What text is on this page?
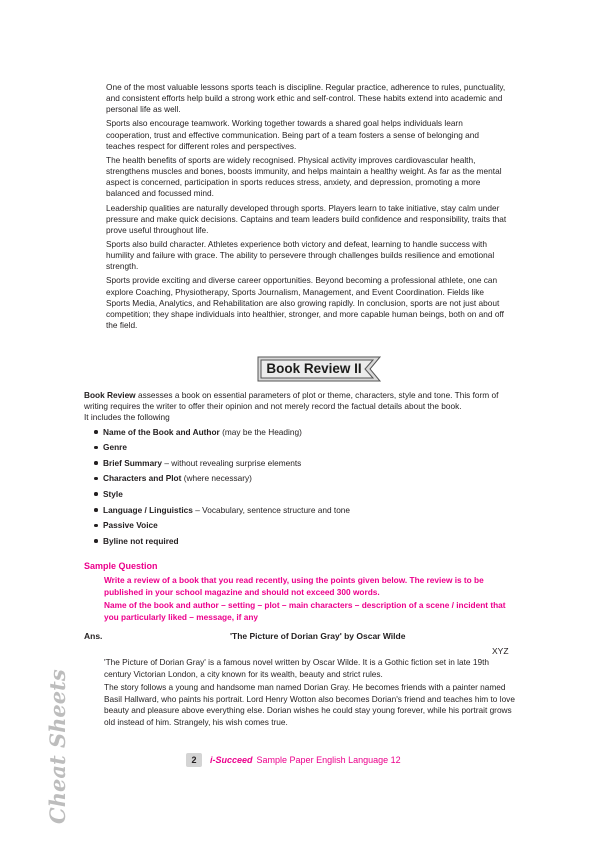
One of the most valuable lessons sports teach is discipline. Regular practice, adherence to rules, punctuality, and consistent efforts help build a strong work ethic and self-control. These habits extend into academic and personal life as well.

Sports also encourage teamwork. Working together towards a shared goal helps individuals learn cooperation, trust and effective communication. Being part of a team fosters a sense of belonging and teaches respect for different roles and perspectives.

The health benefits of sports are widely recognised. Physical activity improves cardiovascular health, strengthens muscles and bones, boosts immunity, and helps maintain a healthy weight. As far as the mental aspect is concerned, participation in sports reduces stress, anxiety, and depression, promoting a more balanced and focussed mind.

Leadership qualities are naturally developed through sports. Players learn to take initiative, stay calm under pressure and make quick decisions. Captains and team leaders build confidence and responsibility, traits that prove useful throughout life.

Sports also build character. Athletes experience both victory and defeat, learning to handle success with humility and failure with grace. The ability to persevere through challenges builds resilience and emotional strength.

Sports provide exciting and diverse career opportunities. Beyond becoming a professional athlete, one can explore Coaching, Physiotherapy, Sports Journalism, Management, and Event Coordination. Fields like Sports Media, Analytics, and Rehabilitation are also growing rapidly. In conclusion, sports are not just about competition; they shape individuals into healthier, stronger, and more capable human beings, both on and off the field.

Book Review II

Book Review assesses a book on essential parameters of plot or theme, characters, style and tone. This form of writing requires the writer to offer their opinion and not merely record the factual details about the book.

It includes the following

Name of the Book and Author (may be the Heading)
Genre
Brief Summary – without revealing surprise elements
Characters and Plot (where necessary)
Style
Language / Linguistics – Vocabulary, sentence structure and tone
Passive Voice
Byline not required
Sample Question

Write a review of a book that you read recently, using the points given below. The review is to be published in your school magazine and should not exceed 300 words.

Name of the book and author – setting – plot – main characters – description of a scene / incident that you particularly liked – message, if any

Ans.	'The Picture of Dorian Gray' by Oscar Wilde
XYZ

'The Picture of Dorian Gray' is a famous novel written by Oscar Wilde. It is a Gothic fiction set in late 19th century Victorian London, a city known for its wealth, beauty and strict rules.

The story follows a young and handsome man named Dorian Gray. He becomes friends with a painter named Basil Hallward, who paints his portrait. Lord Henry Wotton also becomes Dorian's friend and teaches him to love beauty and pleasure above everything else. Dorian wishes he could stay young forever, while his portrait grows old instead of him. Strangely, his wish comes true.

Cheat Sheets	2	i-Succeed Sample Paper English Language 12
